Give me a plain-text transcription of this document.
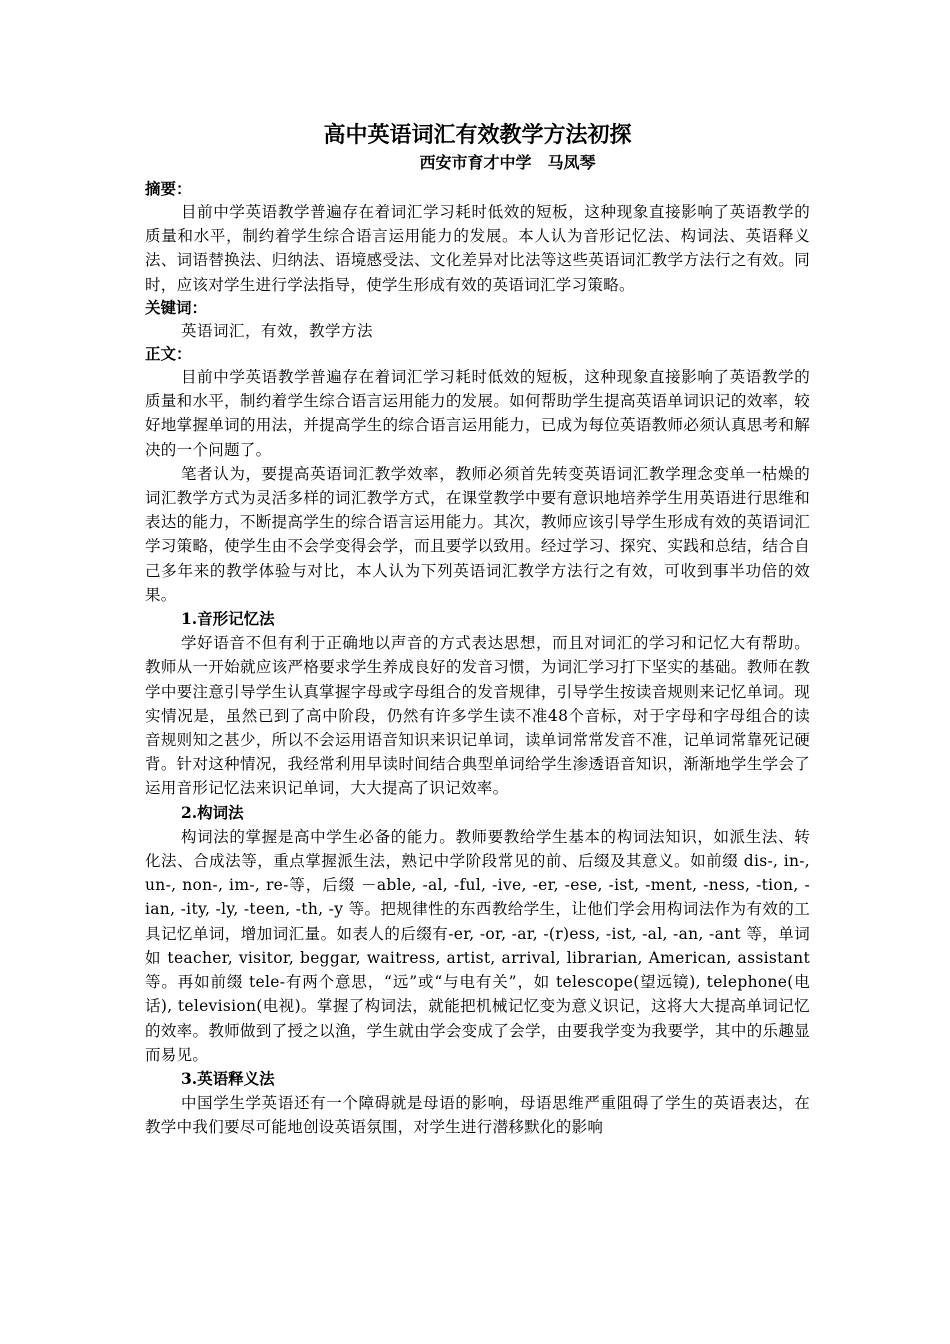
高中英语词汇有效教学方法初探

西安市育才中学　马凤琴

摘要：

目前中学英语教学普遍存在着词汇学习耗时低效的短板，这种现象直接影响了英语教学的质量和水平，制约着学生综合语言运用能力的发展。本人认为音形记忆法、构词法、英语释义法、词语替换法、归纳法、语境感受法、文化差异对比法等这些英语词汇教学方法行之有效。同时，应该对学生进行学法指导，使学生形成有效的英语词汇学习策略。

关键词：

英语词汇，有效，教学方法

正文：

目前中学英语教学普遍存在着词汇学习耗时低效的短板，这种现象直接影响了英语教学的质量和水平，制约着学生综合语言运用能力的发展。如何帮助学生提高英语单词识记的效率，较好地掌握单词的用法，并提高学生的综合语言运用能力，已成为每位英语教师必须认真思考和解决的一个问题了。

笔者认为，要提高英语词汇教学效率，教师必须首先转变英语词汇教学理念变单一枯燥的词汇教学方式为灵活多样的词汇教学方式，在课堂教学中要有意识地培养学生用英语进行思维和表达的能力，不断提高学生的综合语言运用能力。其次，教师应该引导学生形成有效的英语词汇学习策略，使学生由不会学变得会学，而且要学以致用。经过学习、探究、实践和总结，结合自己多年来的教学体验与对比，本人认为下列英语词汇教学方法行之有效，可收到事半功倍的效果。

1.音形记忆法

学好语音不但有利于正确地以声音的方式表达思想，而且对词汇的学习和记忆大有帮助。教师从一开始就应该严格要求学生养成良好的发音习惯，为词汇学习打下坚实的基础。教师在教学中要注意引导学生认真掌握字母或字母组合的发音规律，引导学生按读音规则来记忆单词。现实情况是，虽然已到了高中阶段，仍然有许多学生读不准48个音标，对于字母和字母组合的读音规则知之甚少，所以不会运用语音知识来识记单词，读单词常常发音不准，记单词常靠死记硬背。针对这种情况，我经常利用早读时间结合典型单词给学生渗透语音知识，渐渐地学生学会了运用音形记忆法来识记单词，大大提高了识记效率。

2.构词法

构词法的掌握是高中学生必备的能力。教师要教给学生基本的构词法知识，如派生法、转化法、合成法等，重点掌握派生法，熟记中学阶段常见的前、后缀及其意义。如前缀 dis-, in-, un-, non-, im-, re-等，后缀 －able, -al, -ful, -ive, -er, -ese, -ist, -ment, -ness, -tion, -ian, -ity, -ly, -teen, -th, -y 等。把规律性的东西教给学生，让他们学会用构词法作为有效的工具记忆单词，增加词汇量。如表人的后缀有-er, -or, -ar, -(r)ess, -ist, -al, -an, -ant 等，单词如 teacher, visitor, beggar, waitress, artist, arrival, librarian, American, assistant 等。再如前缀 tele-有两个意思，“远”或“与电有关”，如 telescope(望远镜), telephone(电话), television(电视)。掌握了构词法，就能把机械记忆变为意义识记，这将大大提高单词记忆的效率。教师做到了授之以渔，学生就由学会变成了会学，由要我学变为我要学，其中的乐趣显而易见。

3.英语释义法

中国学生学英语还有一个障碍就是母语的影响，母语思维严重阻碍了学生的英语表达，在教学中我们要尽可能地创设英语氛围，对学生进行潜移默化的影响
